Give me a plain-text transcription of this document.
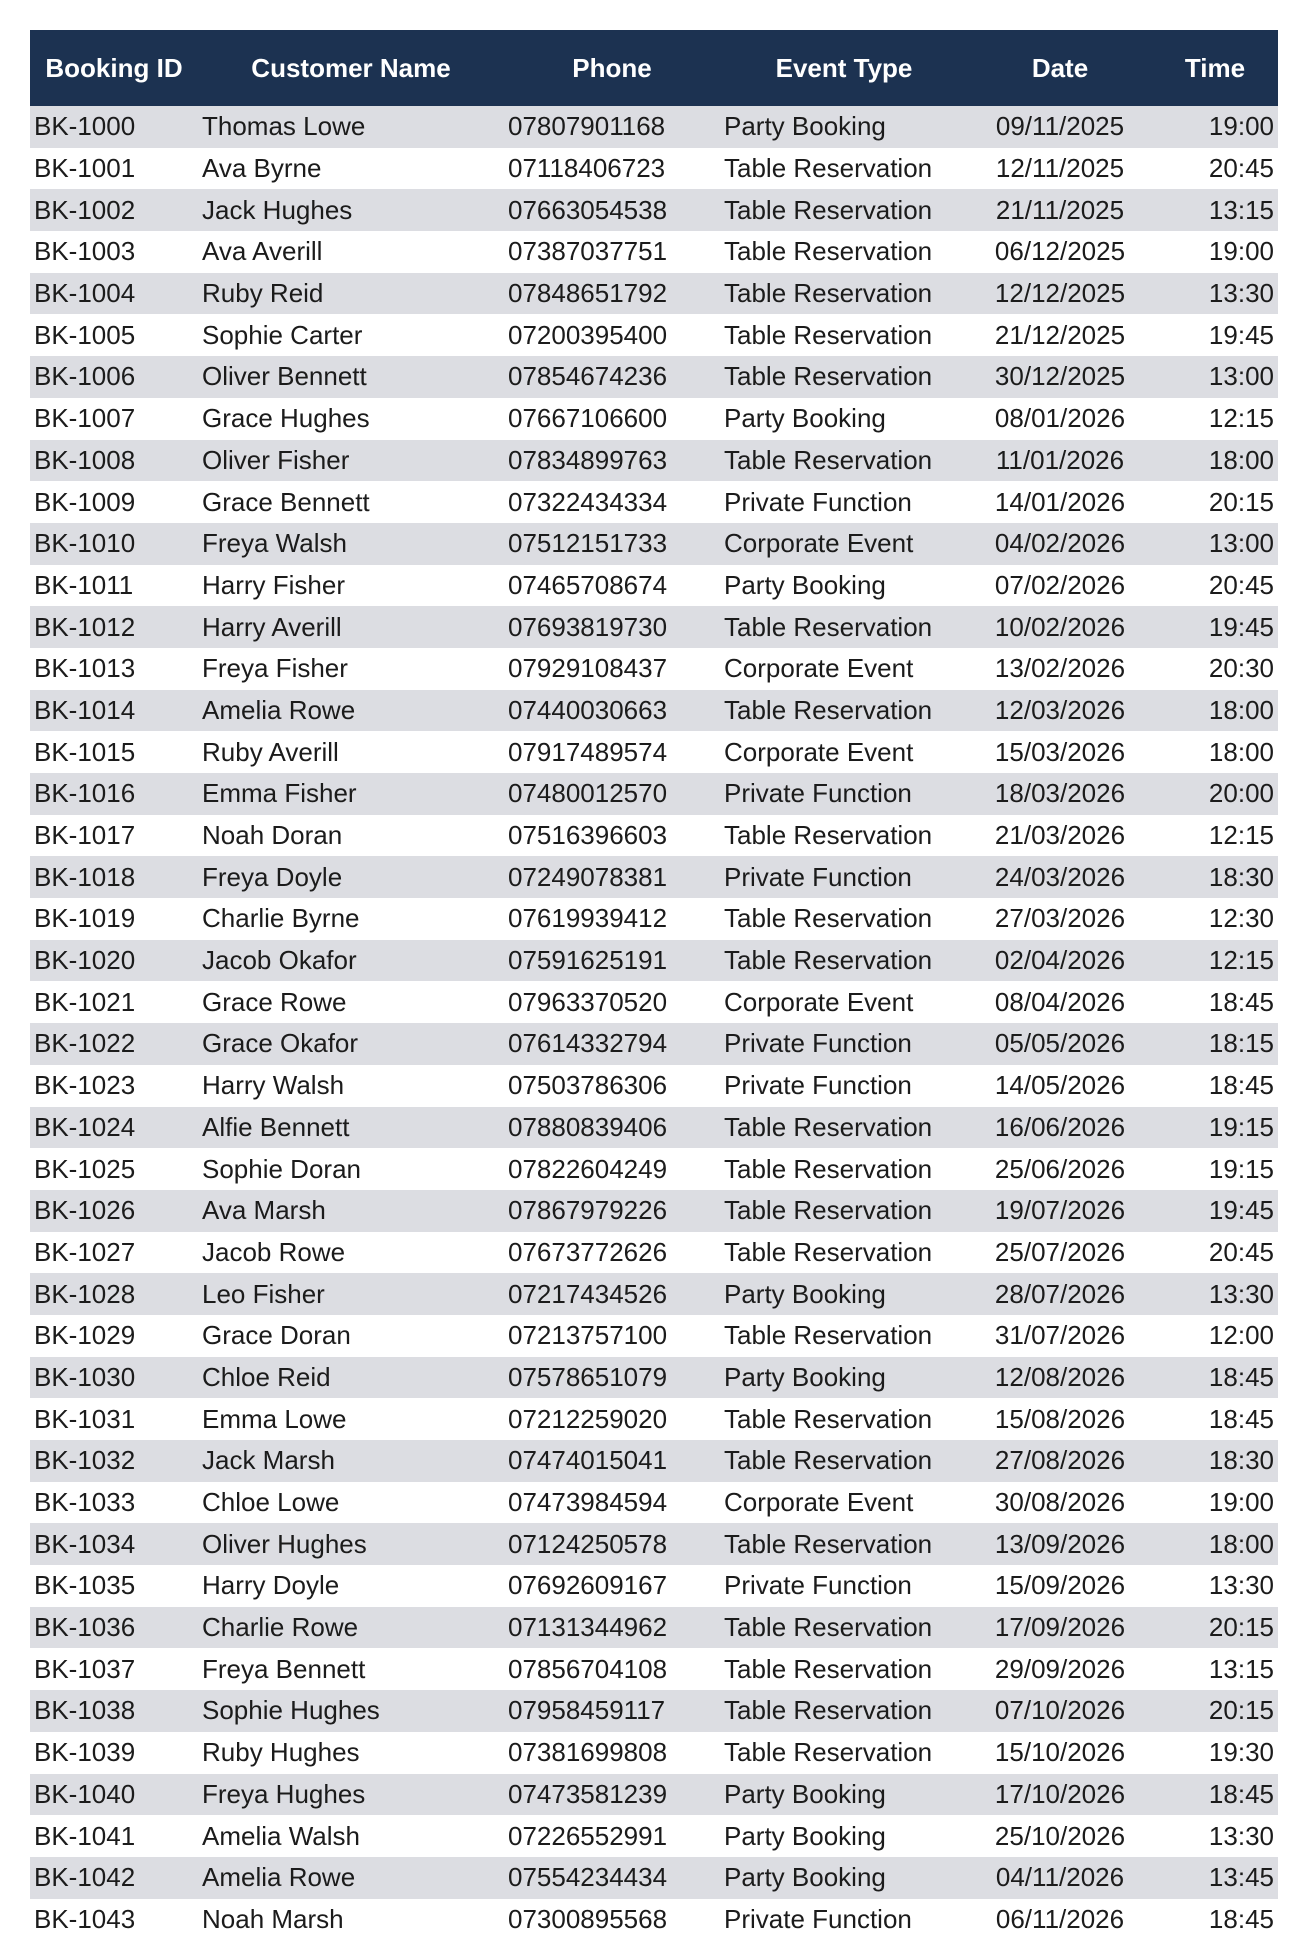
Booking ID	Customer Name	Phone	Event Type	Date	Time
BK-1000	Thomas Lowe	07807901168	Party Booking	09/11/2025	19:00
BK-1001	Ava Byrne	07118406723	Table Reservation	12/11/2025	20:45
BK-1002	Jack Hughes	07663054538	Table Reservation	21/11/2025	13:15
BK-1003	Ava Averill	07387037751	Table Reservation	06/12/2025	19:00
BK-1004	Ruby Reid	07848651792	Table Reservation	12/12/2025	13:30
BK-1005	Sophie Carter	07200395400	Table Reservation	21/12/2025	19:45
BK-1006	Oliver Bennett	07854674236	Table Reservation	30/12/2025	13:00
BK-1007	Grace Hughes	07667106600	Party Booking	08/01/2026	12:15
BK-1008	Oliver Fisher	07834899763	Table Reservation	11/01/2026	18:00
BK-1009	Grace Bennett	07322434334	Private Function	14/01/2026	20:15
BK-1010	Freya Walsh	07512151733	Corporate Event	04/02/2026	13:00
BK-1011	Harry Fisher	07465708674	Party Booking	07/02/2026	20:45
BK-1012	Harry Averill	07693819730	Table Reservation	10/02/2026	19:45
BK-1013	Freya Fisher	07929108437	Corporate Event	13/02/2026	20:30
BK-1014	Amelia Rowe	07440030663	Table Reservation	12/03/2026	18:00
BK-1015	Ruby Averill	07917489574	Corporate Event	15/03/2026	18:00
BK-1016	Emma Fisher	07480012570	Private Function	18/03/2026	20:00
BK-1017	Noah Doran	07516396603	Table Reservation	21/03/2026	12:15
BK-1018	Freya Doyle	07249078381	Private Function	24/03/2026	18:30
BK-1019	Charlie Byrne	07619939412	Table Reservation	27/03/2026	12:30
BK-1020	Jacob Okafor	07591625191	Table Reservation	02/04/2026	12:15
BK-1021	Grace Rowe	07963370520	Corporate Event	08/04/2026	18:45
BK-1022	Grace Okafor	07614332794	Private Function	05/05/2026	18:15
BK-1023	Harry Walsh	07503786306	Private Function	14/05/2026	18:45
BK-1024	Alfie Bennett	07880839406	Table Reservation	16/06/2026	19:15
BK-1025	Sophie Doran	07822604249	Table Reservation	25/06/2026	19:15
BK-1026	Ava Marsh	07867979226	Table Reservation	19/07/2026	19:45
BK-1027	Jacob Rowe	07673772626	Table Reservation	25/07/2026	20:45
BK-1028	Leo Fisher	07217434526	Party Booking	28/07/2026	13:30
BK-1029	Grace Doran	07213757100	Table Reservation	31/07/2026	12:00
BK-1030	Chloe Reid	07578651079	Party Booking	12/08/2026	18:45
BK-1031	Emma Lowe	07212259020	Table Reservation	15/08/2026	18:45
BK-1032	Jack Marsh	07474015041	Table Reservation	27/08/2026	18:30
BK-1033	Chloe Lowe	07473984594	Corporate Event	30/08/2026	19:00
BK-1034	Oliver Hughes	07124250578	Table Reservation	13/09/2026	18:00
BK-1035	Harry Doyle	07692609167	Private Function	15/09/2026	13:30
BK-1036	Charlie Rowe	07131344962	Table Reservation	17/09/2026	20:15
BK-1037	Freya Bennett	07856704108	Table Reservation	29/09/2026	13:15
BK-1038	Sophie Hughes	07958459117	Table Reservation	07/10/2026	20:15
BK-1039	Ruby Hughes	07381699808	Table Reservation	15/10/2026	19:30
BK-1040	Freya Hughes	07473581239	Party Booking	17/10/2026	18:45
BK-1041	Amelia Walsh	07226552991	Party Booking	25/10/2026	13:30
BK-1042	Amelia Rowe	07554234434	Party Booking	04/11/2026	13:45
BK-1043	Noah Marsh	07300895568	Private Function	06/11/2026	18:45
